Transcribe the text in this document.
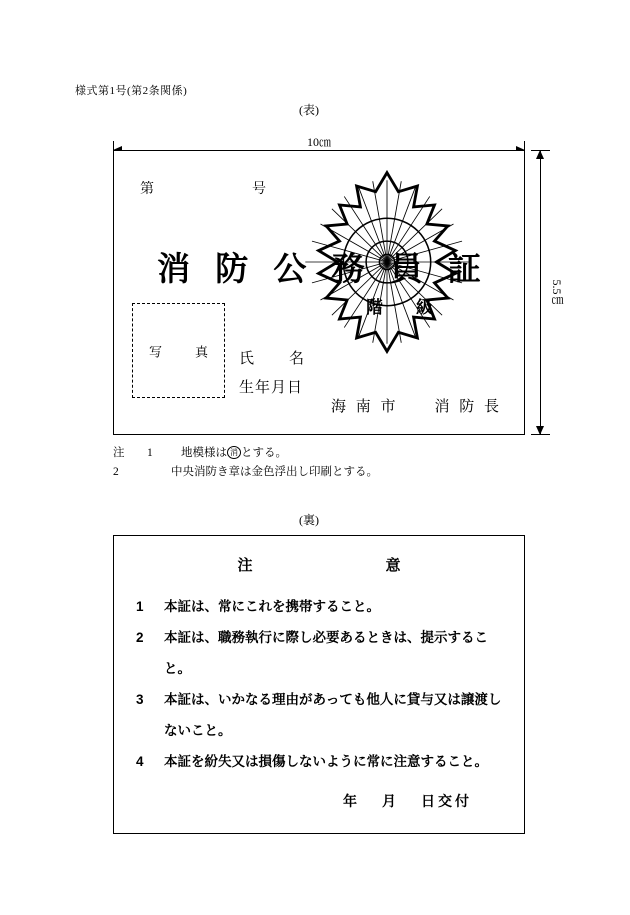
様式第1号(第2条関係)
(表)
10㎝
5.5㎝
第　　　号
消 防 公 務 員 証
階　級
写　真 氏　名
生年月日
海 南 市　　消 防 長
注 1 地模様は 消 とする。
2	中央消防き章は金色浮出し印刷とする。
(裏)
注　　　意
1	本証は、常にこれを携帯すること。
2	本証は、職務執行に際し必要あるときは、提示すること。
3	本証は、いかなる理由があっても他人に貸与又は譲渡しないこと。
4	本証を紛失又は損傷しないように常に注意すること。
年 月 日交付
